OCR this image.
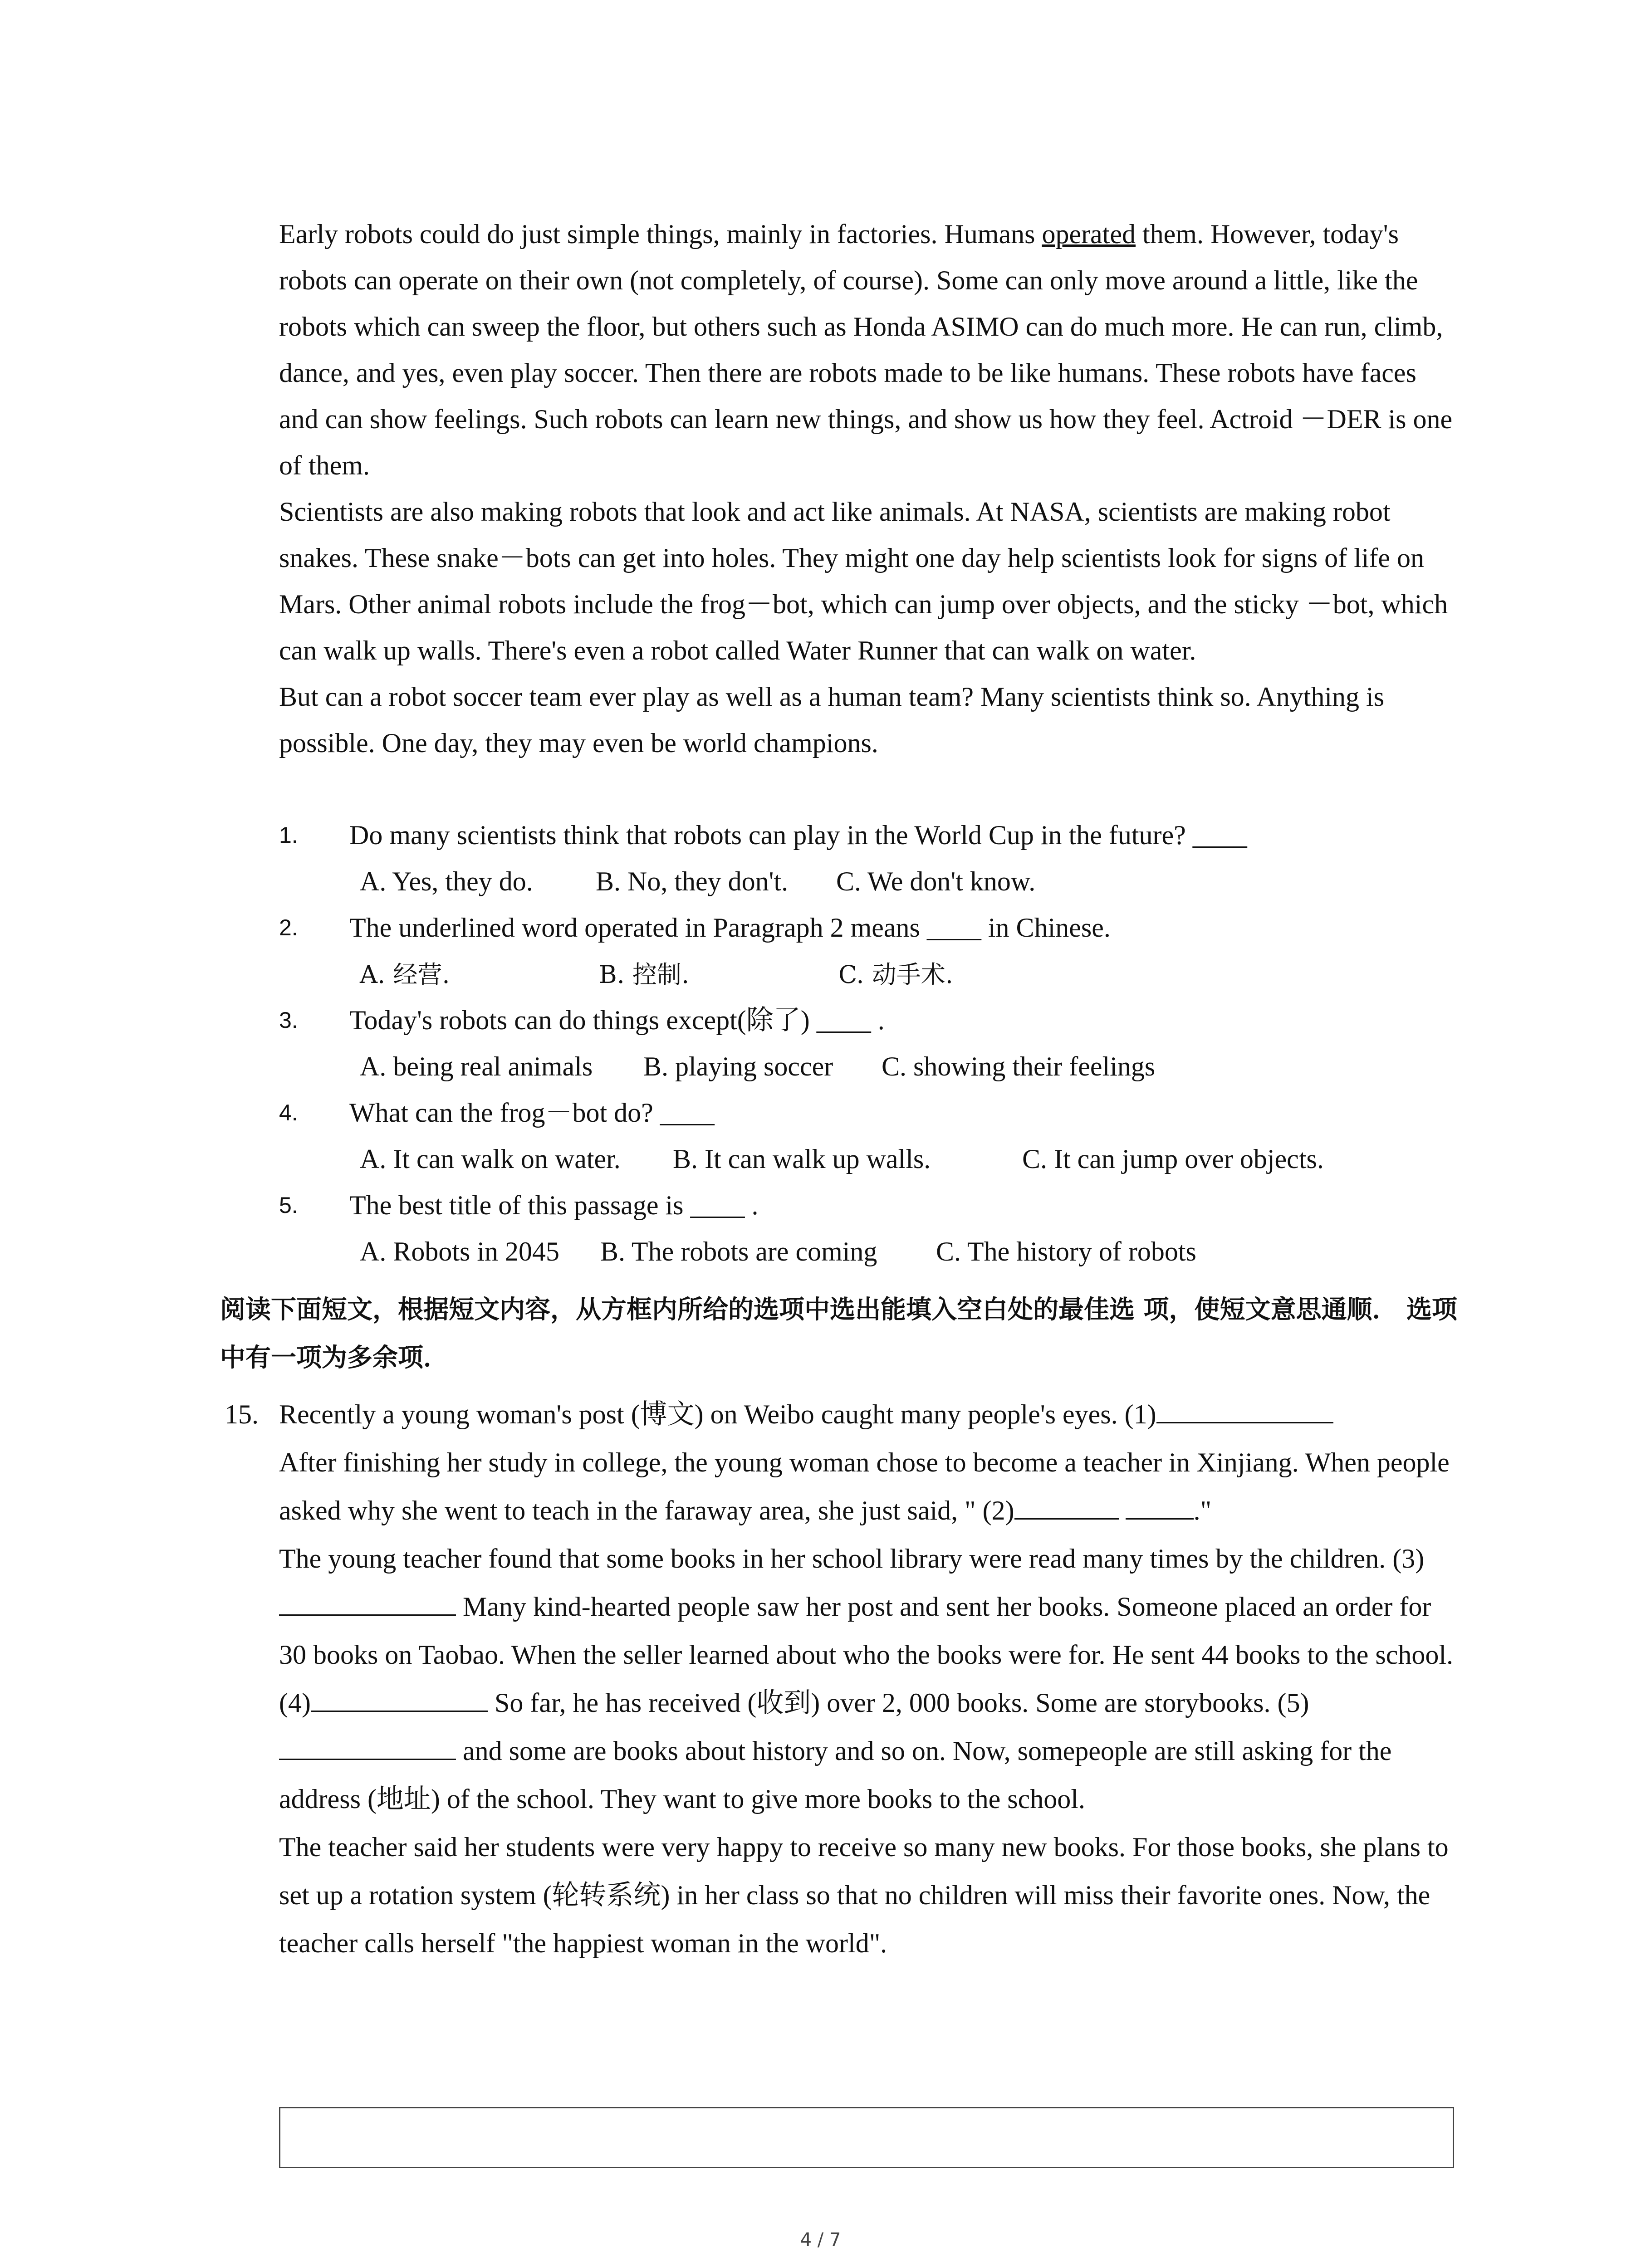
Early robots could do just simple things, mainly in factories. Humans operated them. However, today's robots can operate on their own (not completely, of course). Some can only move around a little, like the robots which can sweep the floor, but others such as Honda ASIMO can do much more. He can run, climb, dance, and yes, even play soccer. Then there are robots made to be like humans. These robots have faces and can show feelings. Such robots can learn new things, and show us how they feel. Actroid －DER is one of them.

Scientists are also making robots that look and act like animals. At NASA, scientists are making robot snakes. These snake－bots can get into holes. They might one day help scientists look for signs of life on Mars. Other animal robots include the frog－bot, which can jump over objects, and the sticky －bot, which can walk up walls. There's even a robot called Water Runner that can walk on water.

But can a robot soccer team ever play as well as a human team? Many scientists think so. Anything is possible. One day, they may even be world champions.

1. Do many scientists think that robots can play in the World Cup in the future? ____
A. Yes, they do. B. No, they don't. C. We don't know.
2. The underlined word operated in Paragraph 2 means ____ in Chinese.
A. 经营.	B. 控制.	C. 动手术.
3. Today's robots can do things except(除了) ____ .
A. being real animals B. playing soccer C. showing their feelings
4. What can the frog－bot do? ____
A. It can walk on water. B. It can walk up walls.	C. It can jump over objects.
5. The best title of this passage is ____ .
A. Robots in 2045 B. The robots are coming C. The history of robots
阅读下面短文，根据短文内容，从方框内所给的选项中选出能填入空白处的最佳选 项，使短文意思通顺． 选项中有一项为多余项．
15. Recently a young woman's post (博文) on Weibo caught many people's eyes. (1)
After finishing her study in college, the young woman chose to become a teacher in Xinjiang. When people asked why she went to teach in the faraway area, she just said, " (2)	."
The young teacher found that some books in her school library were read many times by the children. (3) Many kind-hearted people saw her post and sent her books. Someone placed an order for 30 books on Taobao. When the seller learned about who the books were for. He sent 44 books to the school. (4)	So far, he has received (收到) over 2, 000 books. Some are storybooks. (5) and some are books about history and so on. Now, somepeople are still asking for the address (地址) of the school. They want to give more books to the school.
The teacher said her students were very happy to receive so many new books. For those books, she plans to set up a rotation system (轮转系统) in her class so that no children will miss their favorite ones. Now, the teacher calls herself "the happiest woman in the world".
4 / 7
